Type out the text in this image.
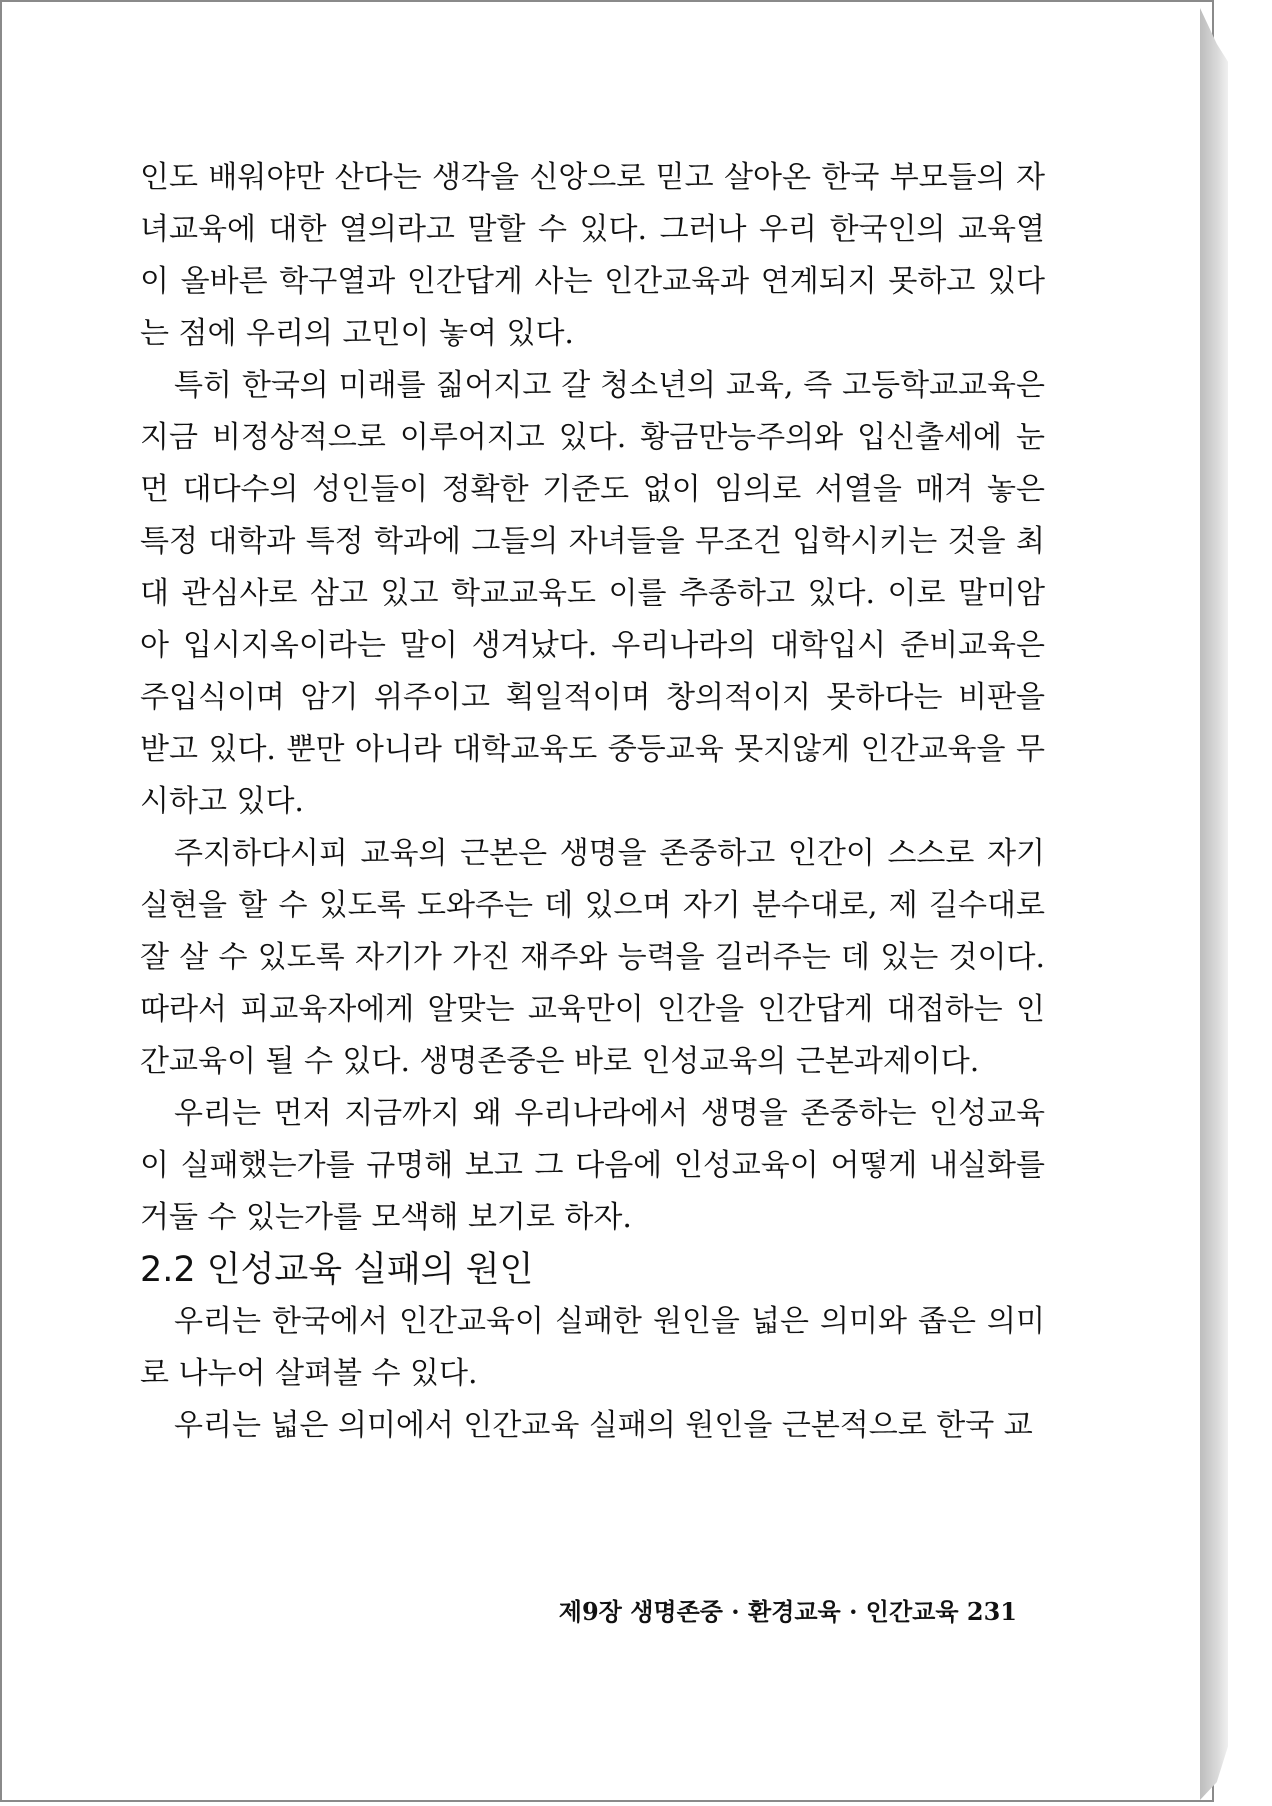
인도 배워야만 산다는 생각을 신앙으로 믿고 살아온 한국 부모들의 자녀교육에 대한 열의라고 말할 수 있다. 그러나 우리 한국인의 교육열이 올바른 학구열과 인간답게 사는 인간교육과 연계되지 못하고 있다는 점에 우리의 고민이 놓여 있다.

특히 한국의 미래를 짊어지고 갈 청소년의 교육, 즉 고등학교교육은 지금 비정상적으로 이루어지고 있다. 황금만능주의와 입신출세에 눈먼 대다수의 성인들이 정확한 기준도 없이 임의로 서열을 매겨 놓은 특정 대학과 특정 학과에 그들의 자녀들을 무조건 입학시키는 것을 최대 관심사로 삼고 있고 학교교육도 이를 추종하고 있다. 이로 말미암아 입시지옥이라는 말이 생겨났다. 우리나라의 대학입시 준비교육은 주입식이며 암기 위주이고 획일적이며 창의적이지 못하다는 비판을 받고 있다. 뿐만 아니라 대학교육도 중등교육 못지않게 인간교육을 무시하고 있다.

주지하다시피 교육의 근본은 생명을 존중하고 인간이 스스로 자기실현을 할 수 있도록 도와주는 데 있으며 자기 분수대로, 제 길수대로 잘 살 수 있도록 자기가 가진 재주와 능력을 길러주는 데 있는 것이다. 따라서 피교육자에게 알맞는 교육만이 인간을 인간답게 대접하는 인간교육이 될 수 있다. 생명존중은 바로 인성교육의 근본과제이다.

우리는 먼저 지금까지 왜 우리나라에서 생명을 존중하는 인성교육이 실패했는가를 규명해 보고 그 다음에 인성교육이 어떻게 내실화를 거둘 수 있는가를 모색해 보기로 하자.

2.2 인성교육 실패의 원인

우리는 한국에서 인간교육이 실패한 원인을 넓은 의미와 좁은 의미로 나누어 살펴볼 수 있다.

우리는 넓은 의미에서 인간교육 실패의 원인을 근본적으로 한국 교

제9장 생명존중 · 환경교육 · 인간교육 231
